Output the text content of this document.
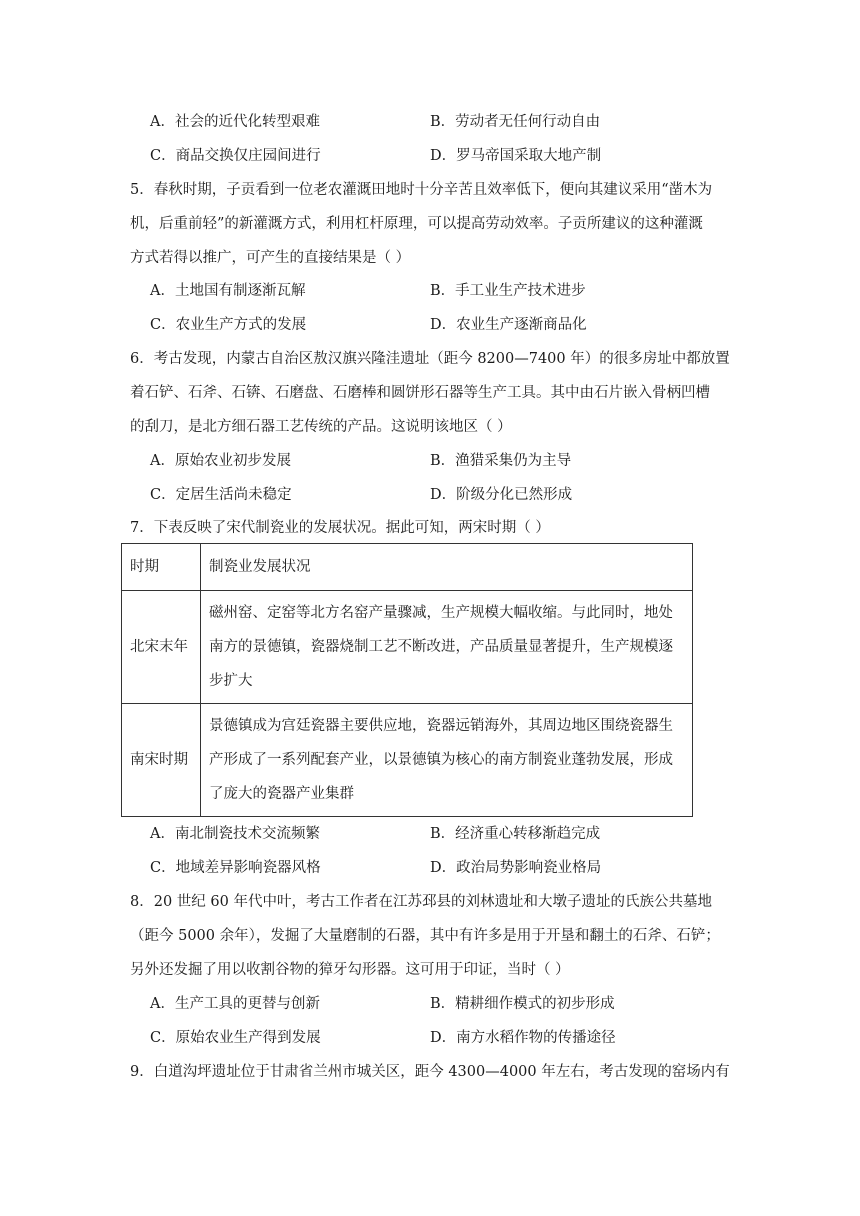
A．社会的近代化转型艰难	B．劳动者无任何行动自由
C．商品交换仅庄园间进行	D．罗马帝国采取大地产制
5．春秋时期，子贡看到一位老农灌溉田地时十分辛苦且效率低下，便向其建议采用“凿木为
机，后重前轻”的新灌溉方式，利用杠杆原理，可以提高劳动效率。子贡所建议的这种灌溉
方式若得以推广，可产生的直接结果是（ ）
A．土地国有制逐渐瓦解	B．手工业生产技术进步
C．农业生产方式的发展	D．农业生产逐渐商品化
6．考古发现，内蒙古自治区敖汉旗兴隆洼遗址（距今 8200—7400 年）的很多房址中都放置
着石铲、石斧、石锛、石磨盘、石磨棒和圆饼形石器等生产工具。其中由石片嵌入骨柄凹槽
的刮刀，是北方细石器工艺传统的产品。这说明该地区（ ）
A．原始农业初步发展	B．渔猎采集仍为主导
C．定居生活尚未稳定	D．阶级分化已然形成
7．下表反映了宋代制瓷业的发展状况。据此可知，两宋时期（ ）
时期	制瓷业发展状况

北宋末年	磁州窑、定窑等北方名窑产量骤减，生产规模大幅收缩。与此同时，地处
南方的景德镇，瓷器烧制工艺不断改进，产品质量显著提升，生产规模逐
步扩大

南宋时期	景德镇成为宫廷瓷器主要供应地，瓷器远销海外，其周边地区围绕瓷器生
产形成了一系列配套产业，以景德镇为核心的南方制瓷业蓬勃发展，形成
了庞大的瓷器产业集群
A．南北制瓷技术交流频繁	B．经济重心转移渐趋完成
C．地域差异影响瓷器风格	D．政治局势影响瓷业格局
8．20 世纪 60 年代中叶，考古工作者在江苏邳县的刘林遗址和大墩子遗址的氏族公共墓地
（距今 5000 余年），发掘了大量磨制的石器，其中有许多是用于开垦和翻土的石斧、石铲；
另外还发掘了用以收割谷物的獐牙勾形器。这可用于印证，当时（ ）
A．生产工具的更替与创新	B．精耕细作模式的初步形成
C．原始农业生产得到发展	D．南方水稻作物的传播途径
9．白道沟坪遗址位于甘肃省兰州市城关区，距今 4300—4000 年左右，考古发现的窑场内有
